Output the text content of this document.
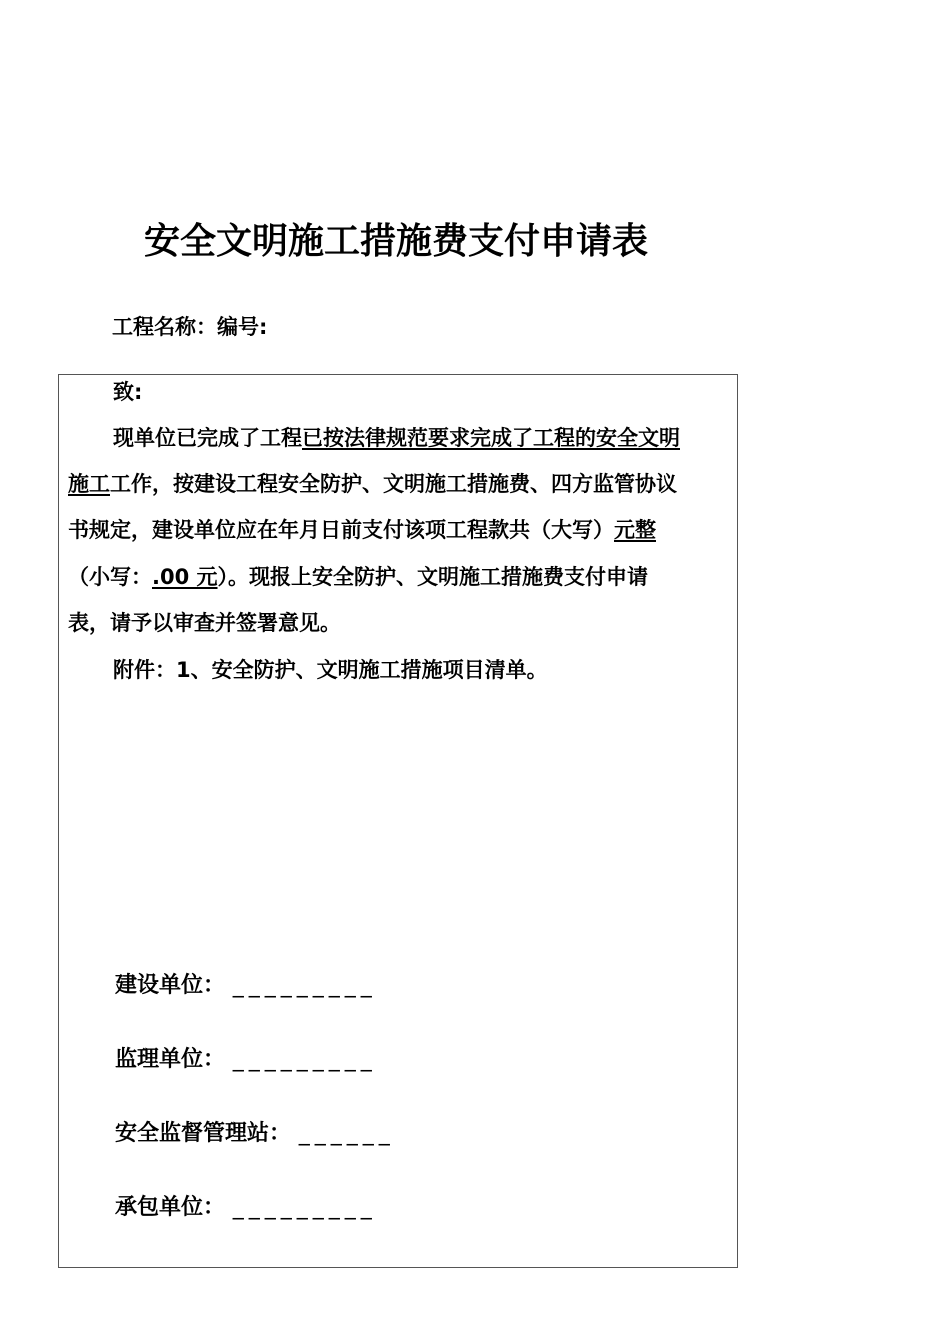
安全文明施工措施费支付申请表
工程名称：编号:
致:
现单位已完成了工程已按法律规范要求完成了工程的安全文明
施工工作，按建设工程安全防护、文明施工措施费、四方监管协议
书规定，建设单位应在年月日前支付该项工程款共（大写）元整
（小写：.00 元）。现报上安全防护、文明施工措施费支付申请
表，请予以审查并签署意见。
附件：1、安全防护、文明施工措施项目清单。
建设单位： _________
监理单位： _________
安全监督管理站： ______
承包单位： _________
